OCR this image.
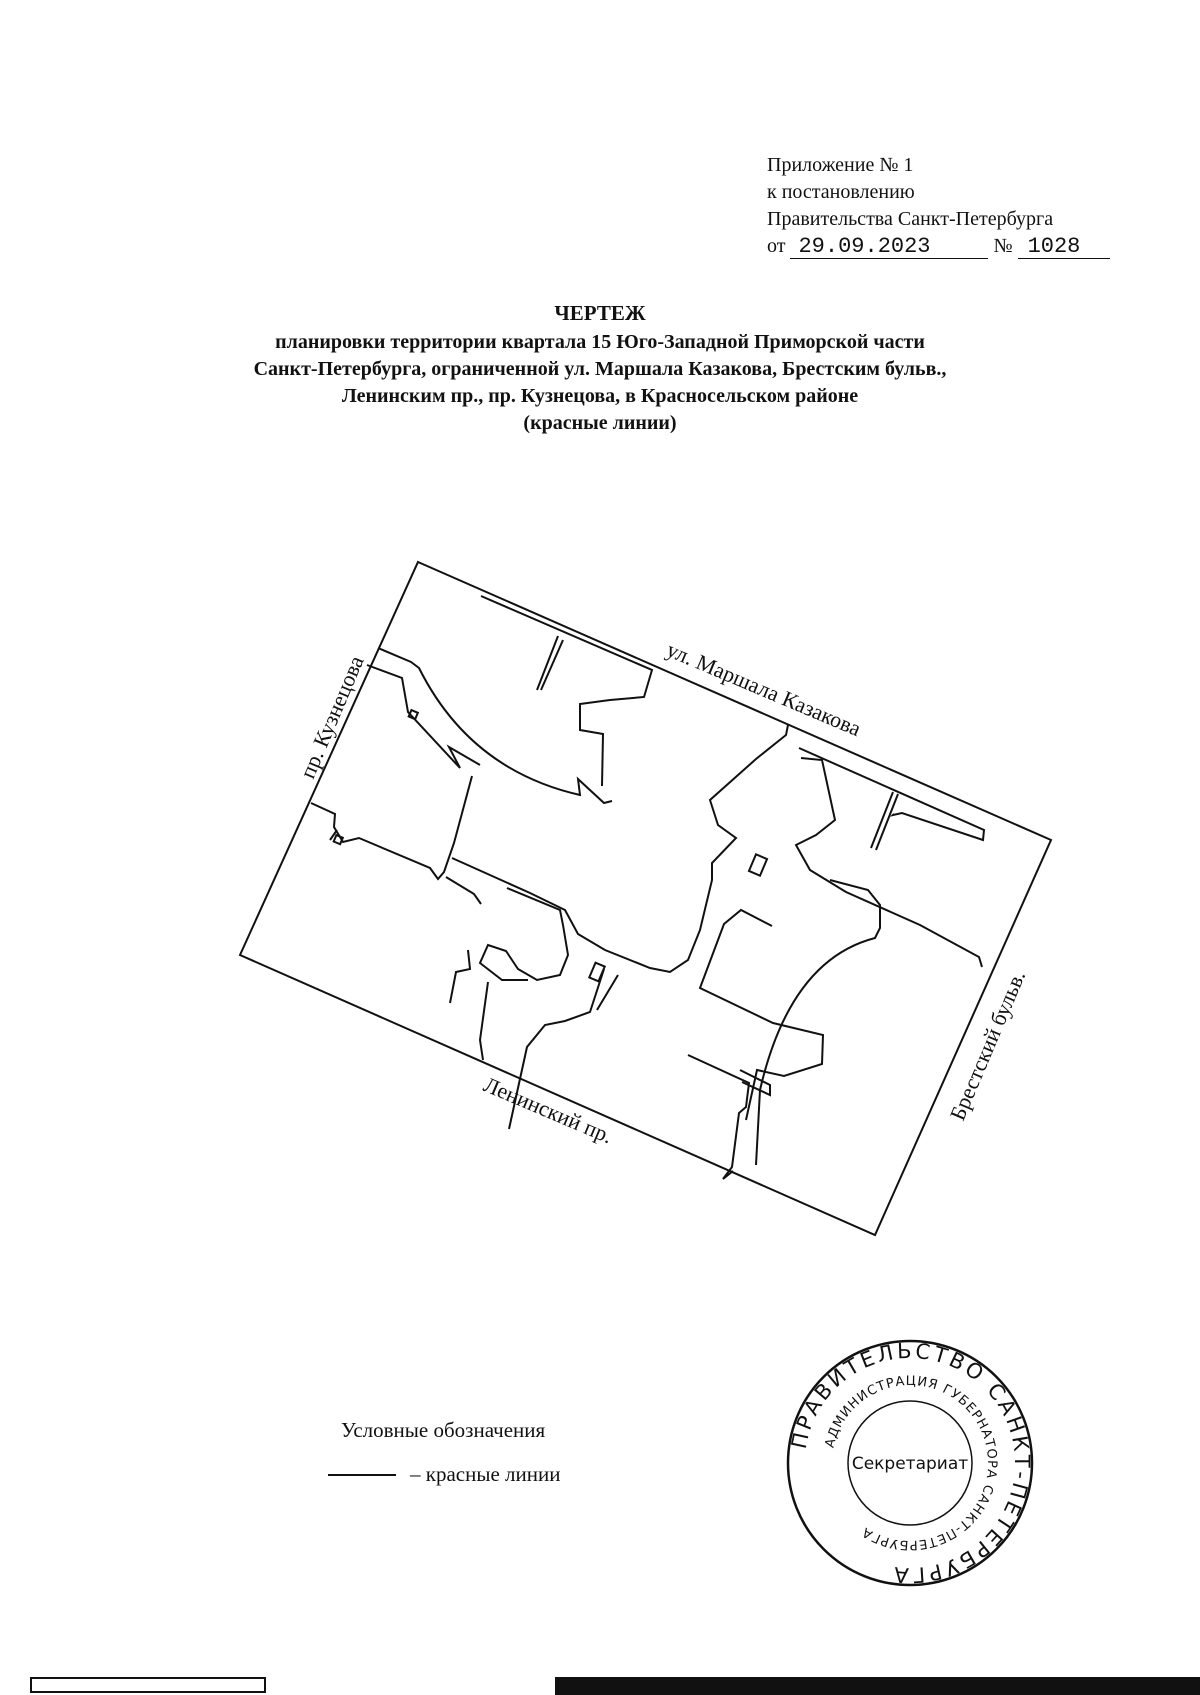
Приложение № 1
к постановлению
Правительства Санкт-Петербурга
от 29.09.2023	№ 1028
ЧЕРТЕЖ
планировки территории квартала 15 Юго-Западной Приморской части
Санкт-Петербурга, ограниченной ул. Маршала Казакова, Брестским бульв.,
Ленинским пр., пр. Кузнецова, в Красносельском районе
(красные линии)
ул. Маршала Казакова
пр. Кузнецова
Ленинский пр.	Брестский бульв.
ПРАВИТЕЛЬСТВО САНКТ-ПЕТЕРБУРГА
АДМИНИСТРАЦИЯ ГУБЕРНАТОРА САНКТ-ПЕТЕРБУРГА
Секретариат
Условные обозначения
– красные линии
